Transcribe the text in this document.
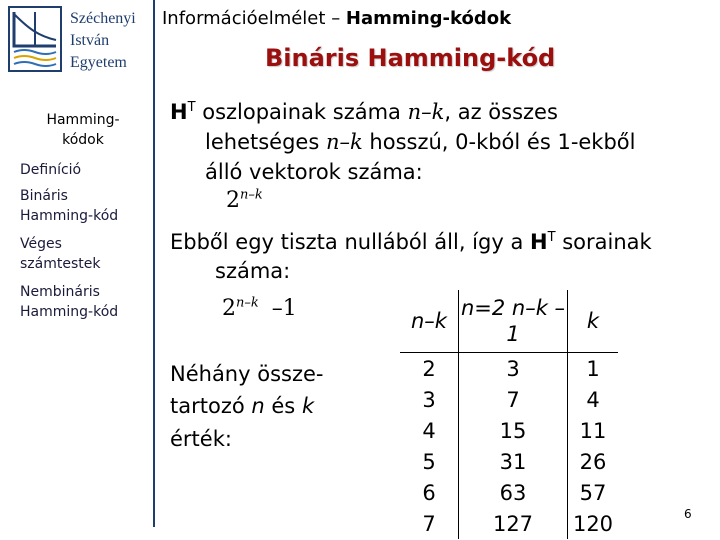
Széchenyi
István
Egyetem
Hamming-kódok
Definíció
Bináris Hamming-kód
Véges számtestek
Nembináris Hamming-kód
Információelmélet – Hamming-kódok
Bináris Hamming-kód
$H^T$ oszlopainak száma n–k, az összes
lehetséges n–k hosszú, 0-kból és 1-ekből
álló vektorok száma:
2$^{n-k}$
Ebből egy tiszta nullából áll, így a $H^T$ sorainak
száma:
2$^{n-k}$ –1
Néhány össze-
tartozó n és k
érték:
n–k	n=2 n–k –1	k
2	3	1
3	7	4
4	15	11
5	31	26
6	63	57
7	127	120	6
